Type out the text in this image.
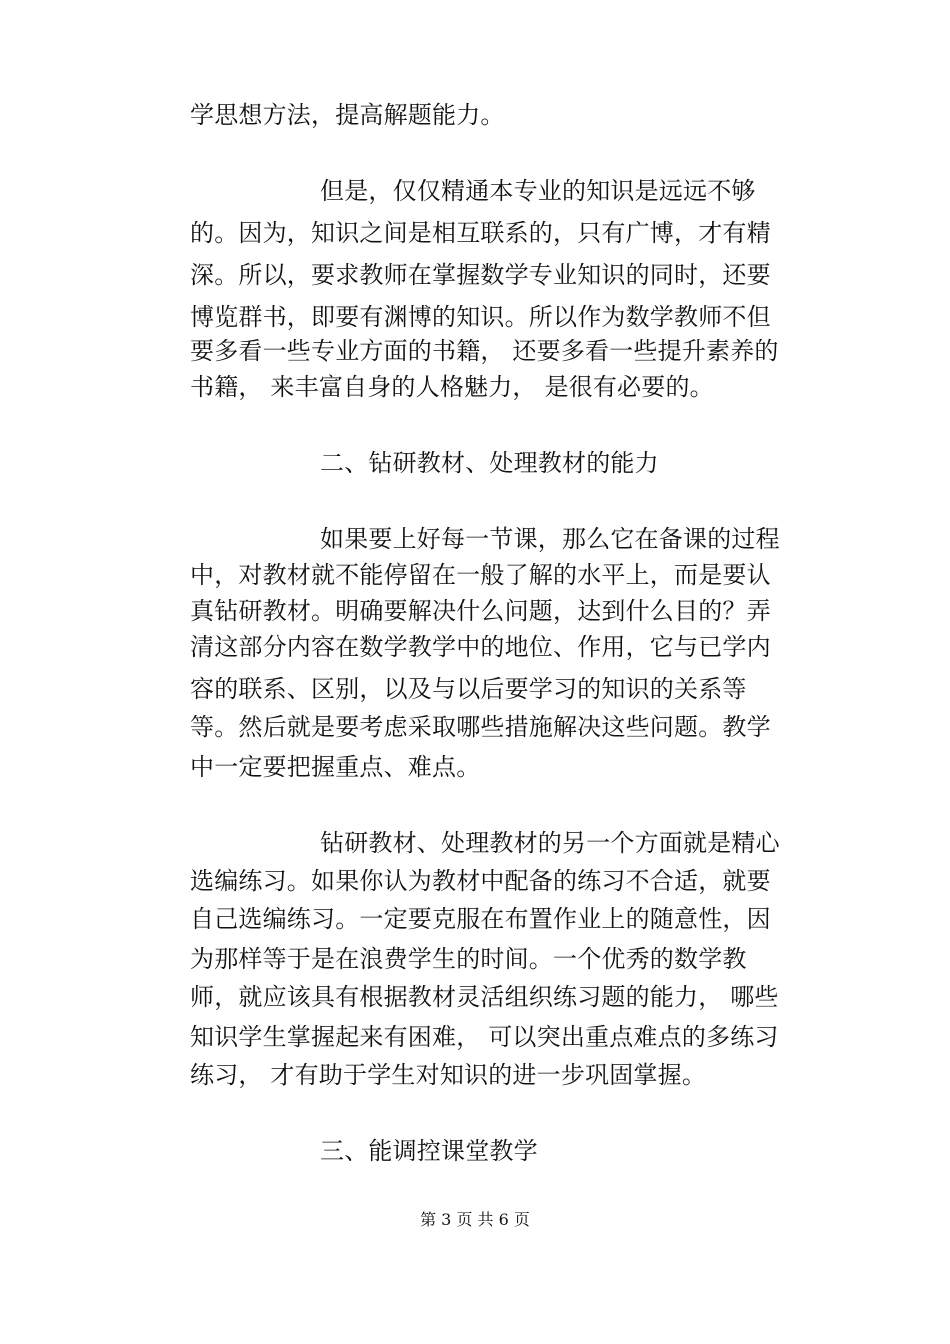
学思想方法，提高解题能力。
但是，仅仅精通本专业的知识是远远不够
的。因为，知识之间是相互联系的，只有广博，才有精
深。所以，要求教师在掌握数学专业知识的同时，还要
博览群书，即要有渊博的知识。所以作为数学教师不但
要多看一些专业方面的书籍， 还要多看一些提升素养的
书籍， 来丰富自身的人格魅力， 是很有必要的。
二、钻研教材、处理教材的能力
如果要上好每一节课，那么它在备课的过程
中，对教材就不能停留在一般了解的水平上，而是要认
真钻研教材。明确要解决什么问题，达到什么目的？弄
清这部分内容在数学教学中的地位、作用，它与已学内
容的联系、区别，以及与以后要学习的知识的关系等
等。然后就是要考虑采取哪些措施解决这些问题。教学
中一定要把握重点、难点。
钻研教材、处理教材的另一个方面就是精心
选编练习。如果你认为教材中配备的练习不合适，就要
自己选编练习。一定要克服在布置作业上的随意性，因
为那样等于是在浪费学生的时间。一个优秀的数学教
师，就应该具有根据教材灵活组织练习题的能力， 哪些
知识学生掌握起来有困难， 可以突出重点难点的多练习
练习， 才有助于学生对知识的进一步巩固掌握。
三、能调控课堂教学
第 3 页 共 6 页
